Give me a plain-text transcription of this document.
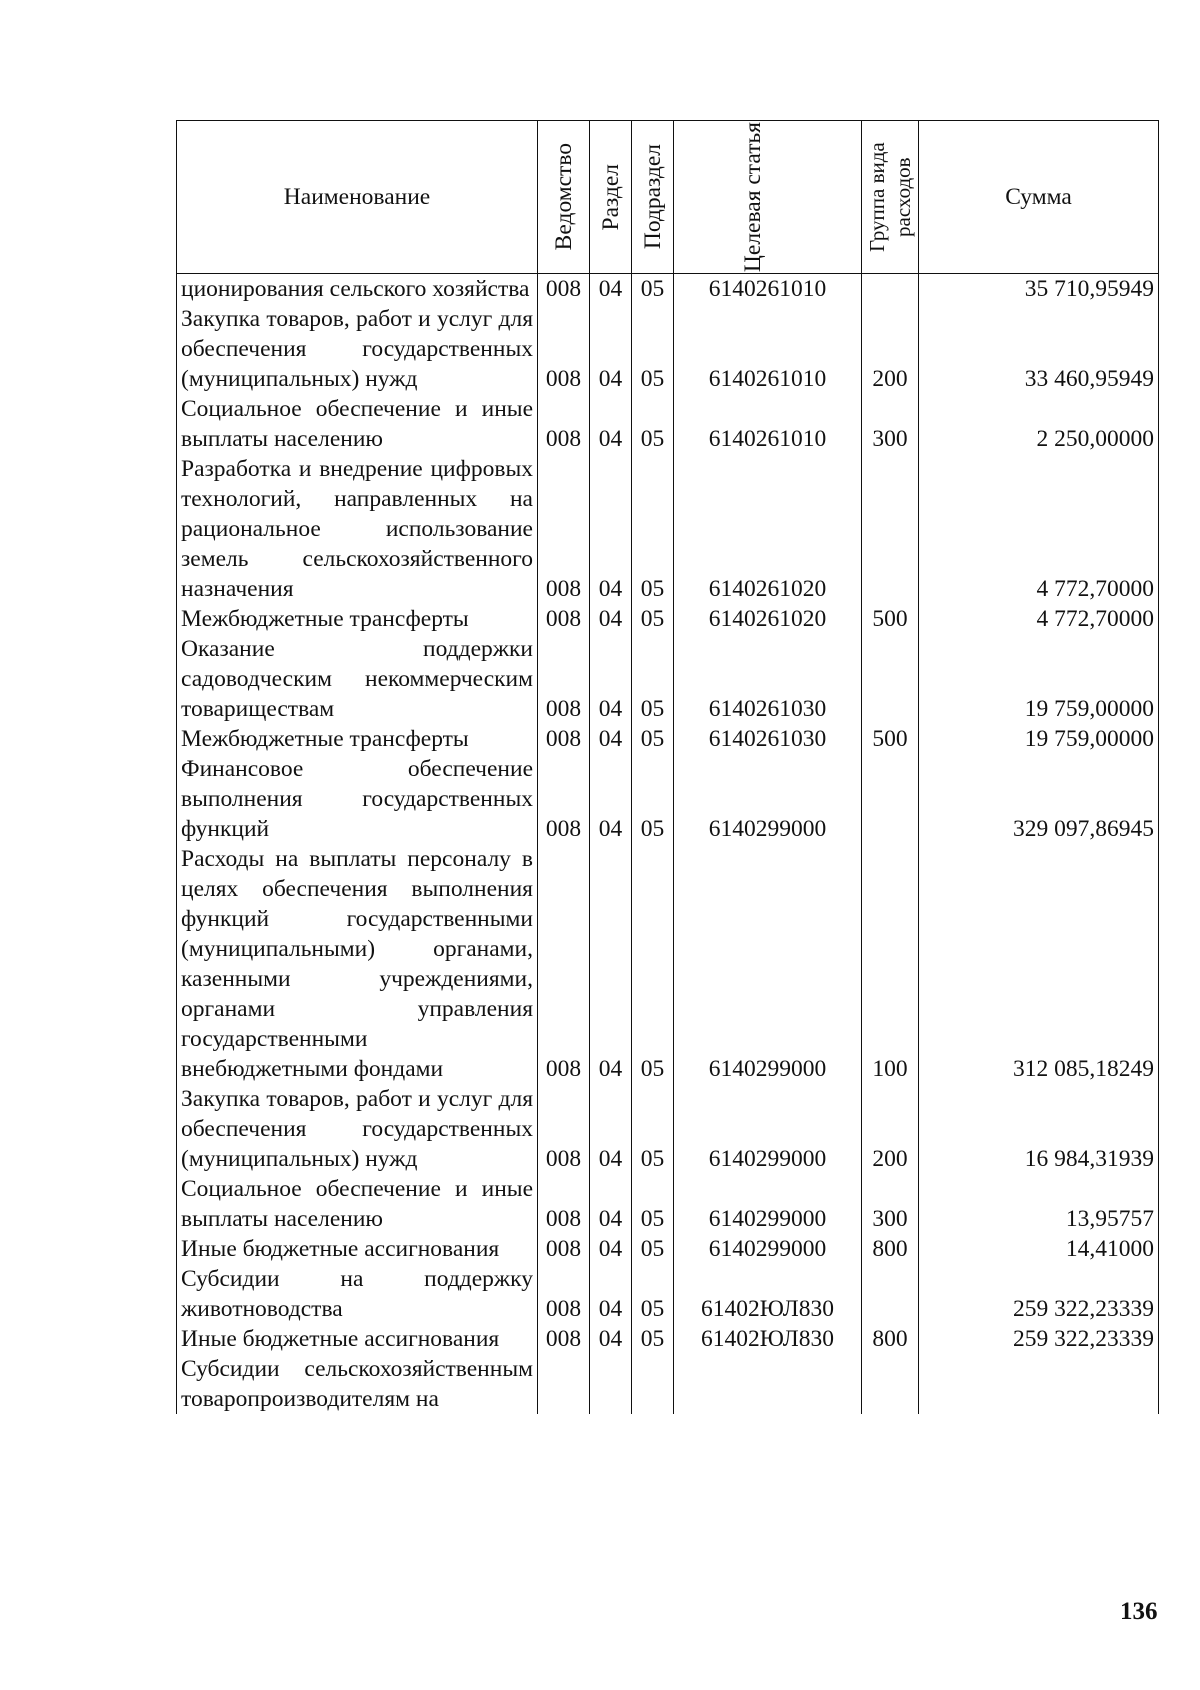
Наименование	Ведомство	Раздел	Подраздел	Целевая статья	Группа вида расходов	Сумма
ционирования сельского хозяйства	008	04	05	6140261010		35 710,95949
Закупка товаров, работ и услуг для обеспечения государственных (муниципальных) нужд	008	04	05	6140261010	200	33 460,95949
Социальное обеспечение и иные выплаты населению	008	04	05	6140261010	300	2 250,00000
Разработка и внедрение цифровых технологий, направленных на рациональное использование земель сельскохозяйственного назначения	008	04	05	6140261020		4 772,70000
Межбюджетные трансферты	008	04	05	6140261020	500	4 772,70000
Оказание поддержки садоводческим некоммерческим товариществам	008	04	05	6140261030		19 759,00000
Межбюджетные трансферты	008	04	05	6140261030	500	19 759,00000
Финансовое обеспечение выполнения государственных функций	008	04	05	6140299000		329 097,86945
Расходы на выплаты персоналу в целях обеспечения выполнения функций государственными (муниципальными) органами, казенными учреждениями, органами управления государственными внебюджетными фондами	008	04	05	6140299000	100	312 085,18249
Закупка товаров, работ и услуг для обеспечения государственных (муниципальных) нужд	008	04	05	6140299000	200	16 984,31939
Социальное обеспечение и иные выплаты населению	008	04	05	6140299000	300	13,95757
Иные бюджетные ассигнования	008	04	05	6140299000	800	14,41000
Субсидии на поддержку животноводства	008	04	05	61402ЮЛ830		259 322,23339
Иные бюджетные ассигнования	008	04	05	61402ЮЛ830	800	259 322,23339
Субсидии сельскохозяйственным товаропроизводителям на						
136
